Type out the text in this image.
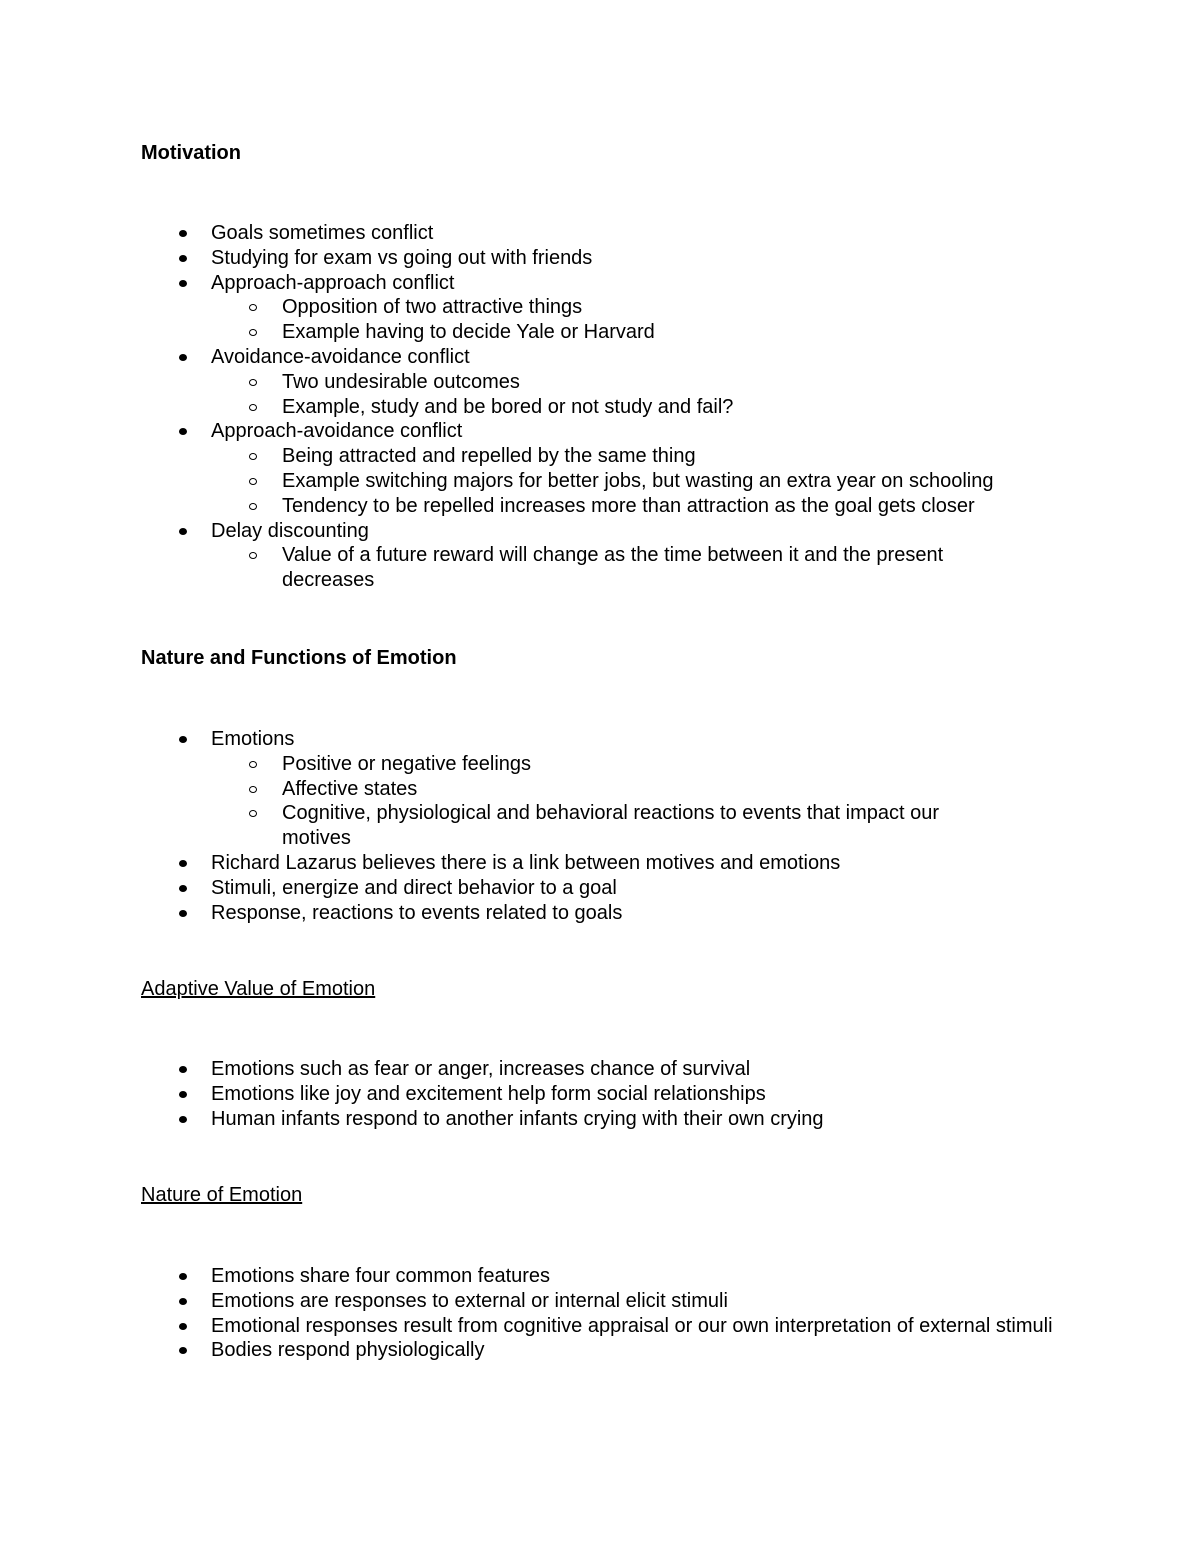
Motivation
Goals sometimes conflict
Studying for exam vs going out with friends
Approach-approach conflict
Opposition of two attractive things
Example having to decide Yale or Harvard
Avoidance-avoidance conflict
Two undesirable outcomes
Example, study and be bored or not study and fail?
Approach-avoidance conflict
Being attracted and repelled by the same thing
Example switching majors for better jobs, but wasting an extra year on schooling
Tendency to be repelled increases more than attraction as the goal gets closer
Delay discounting
Value of a future reward will change as the time between it and the present decreases
Nature and Functions of Emotion
Emotions
Positive or negative feelings
Affective states
Cognitive, physiological and behavioral reactions to events that impact our motives
Richard Lazarus believes there is a link between motives and emotions
Stimuli, energize and direct behavior to a goal
Response, reactions to events related to goals
Adaptive Value of Emotion
Emotions such as fear or anger, increases chance of survival
Emotions like joy and excitement help form social relationships
Human infants respond to another infants crying with their own crying
Nature of Emotion
Emotions share four common features
Emotions are responses to external or internal elicit stimuli
Emotional responses result from cognitive appraisal or our own interpretation of external stimuli
Bodies respond physiologically
